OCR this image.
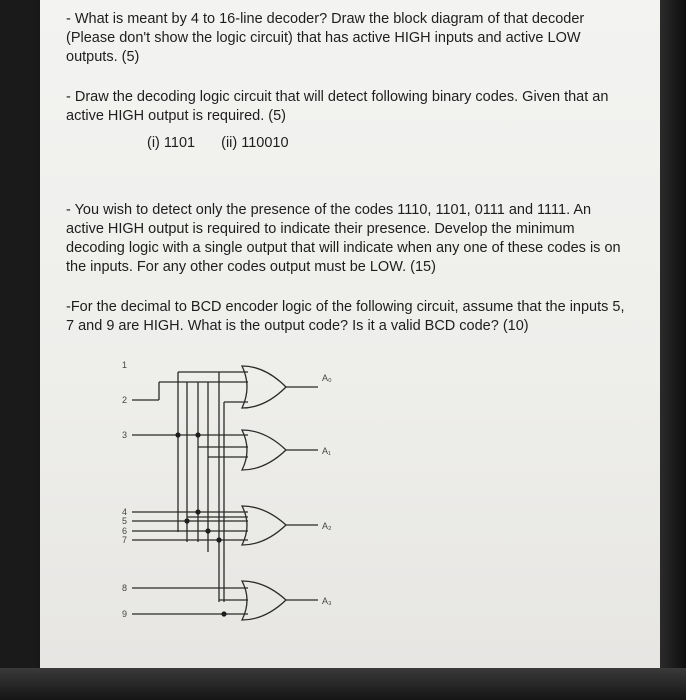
- What is meant by 4 to 16-line decoder? Draw the block diagram of that decoder (Please don't show the logic circuit) that has active HIGH inputs and active LOW outputs. (5)
- Draw the decoding logic circuit that will detect following binary codes. Given that an active HIGH output is required. (5)
(i) 1101 (ii) 110010
- You wish to detect only the presence of the codes 1110, 1101, 0111 and 1111. An active HIGH output is required to indicate their presence. Develop the minimum decoding logic with a single output that will indicate when any one of these codes is on the inputs. For any other codes output must be LOW. (15)
-For the decimal to BCD encoder logic of the following circuit, assume that the inputs 5, 7 and 9 are HIGH. What is the output code? Is it a valid BCD code? (10)
1
2
3
4
5
6
7
8
9
A₀
A₁
A₂
A₃
